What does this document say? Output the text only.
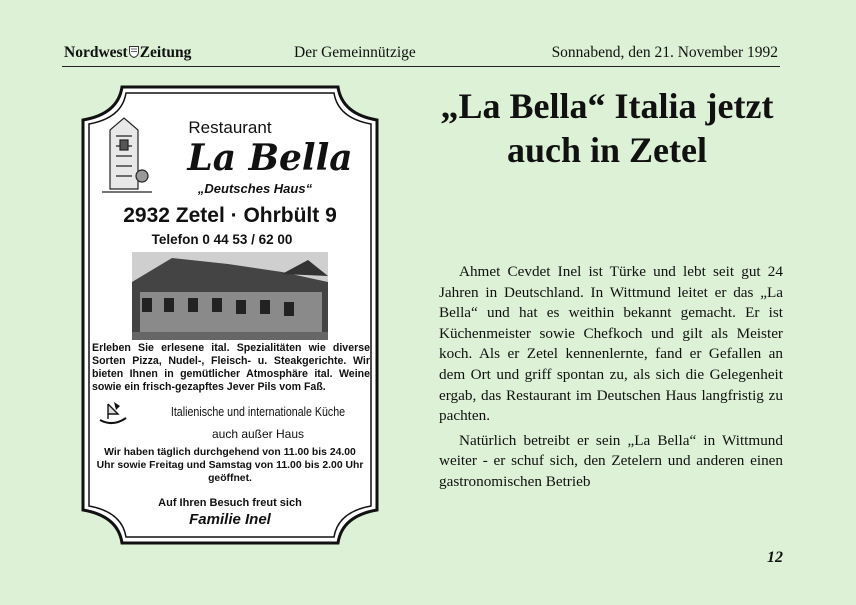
Nordwest Zeitung	Der Gemeinnützige	Sonnabend, den 21. November 1992
Restaurant
La Bella
„Deutsches Haus“
2932 Zetel · Ohrbült 9
Telefon 0 44 53 / 62 00
Erleben Sie erlesene ital. Spezialitäten wie diverse Sorten Pizza, Nudel-, Fleisch- u. Steakgerichte. Wir bieten Ihnen in gemütlicher Atmosphäre ital. Weine sowie ein frisch-gezapftes Jever Pils vom Faß.
Italienische und internationale Küche
auch außer Haus
Wir haben täglich durchgehend von 11.00 bis 24.00 Uhr sowie Freitag und Samstag von 11.00 bis 2.00 Uhr geöffnet.
Auf Ihren Besuch freut sich
Familie Inel
„La Bella“ Italia jetzt auch in Zetel

Ahmet Cevdet Inel ist Türke und lebt seit gut 24 Jahren in Deutschland. In Wittmund leitet er das „La Bella“ und hat es weithin bekannt gemacht. Er ist Küchenmeister sowie Chefkoch und gilt als Meister koch. Als er Zetel kennenlernte, fand er Gefallen an dem Ort und griff spontan zu, als sich die Gelegenheit ergab, das Restaurant im Deutschen Haus langfristig zu pachten.

Natürlich betreibt er sein „La Bella“ in Wittmund weiter - er schuf sich, den Zetelern und anderen einen gastronomischen Betrieb

12
